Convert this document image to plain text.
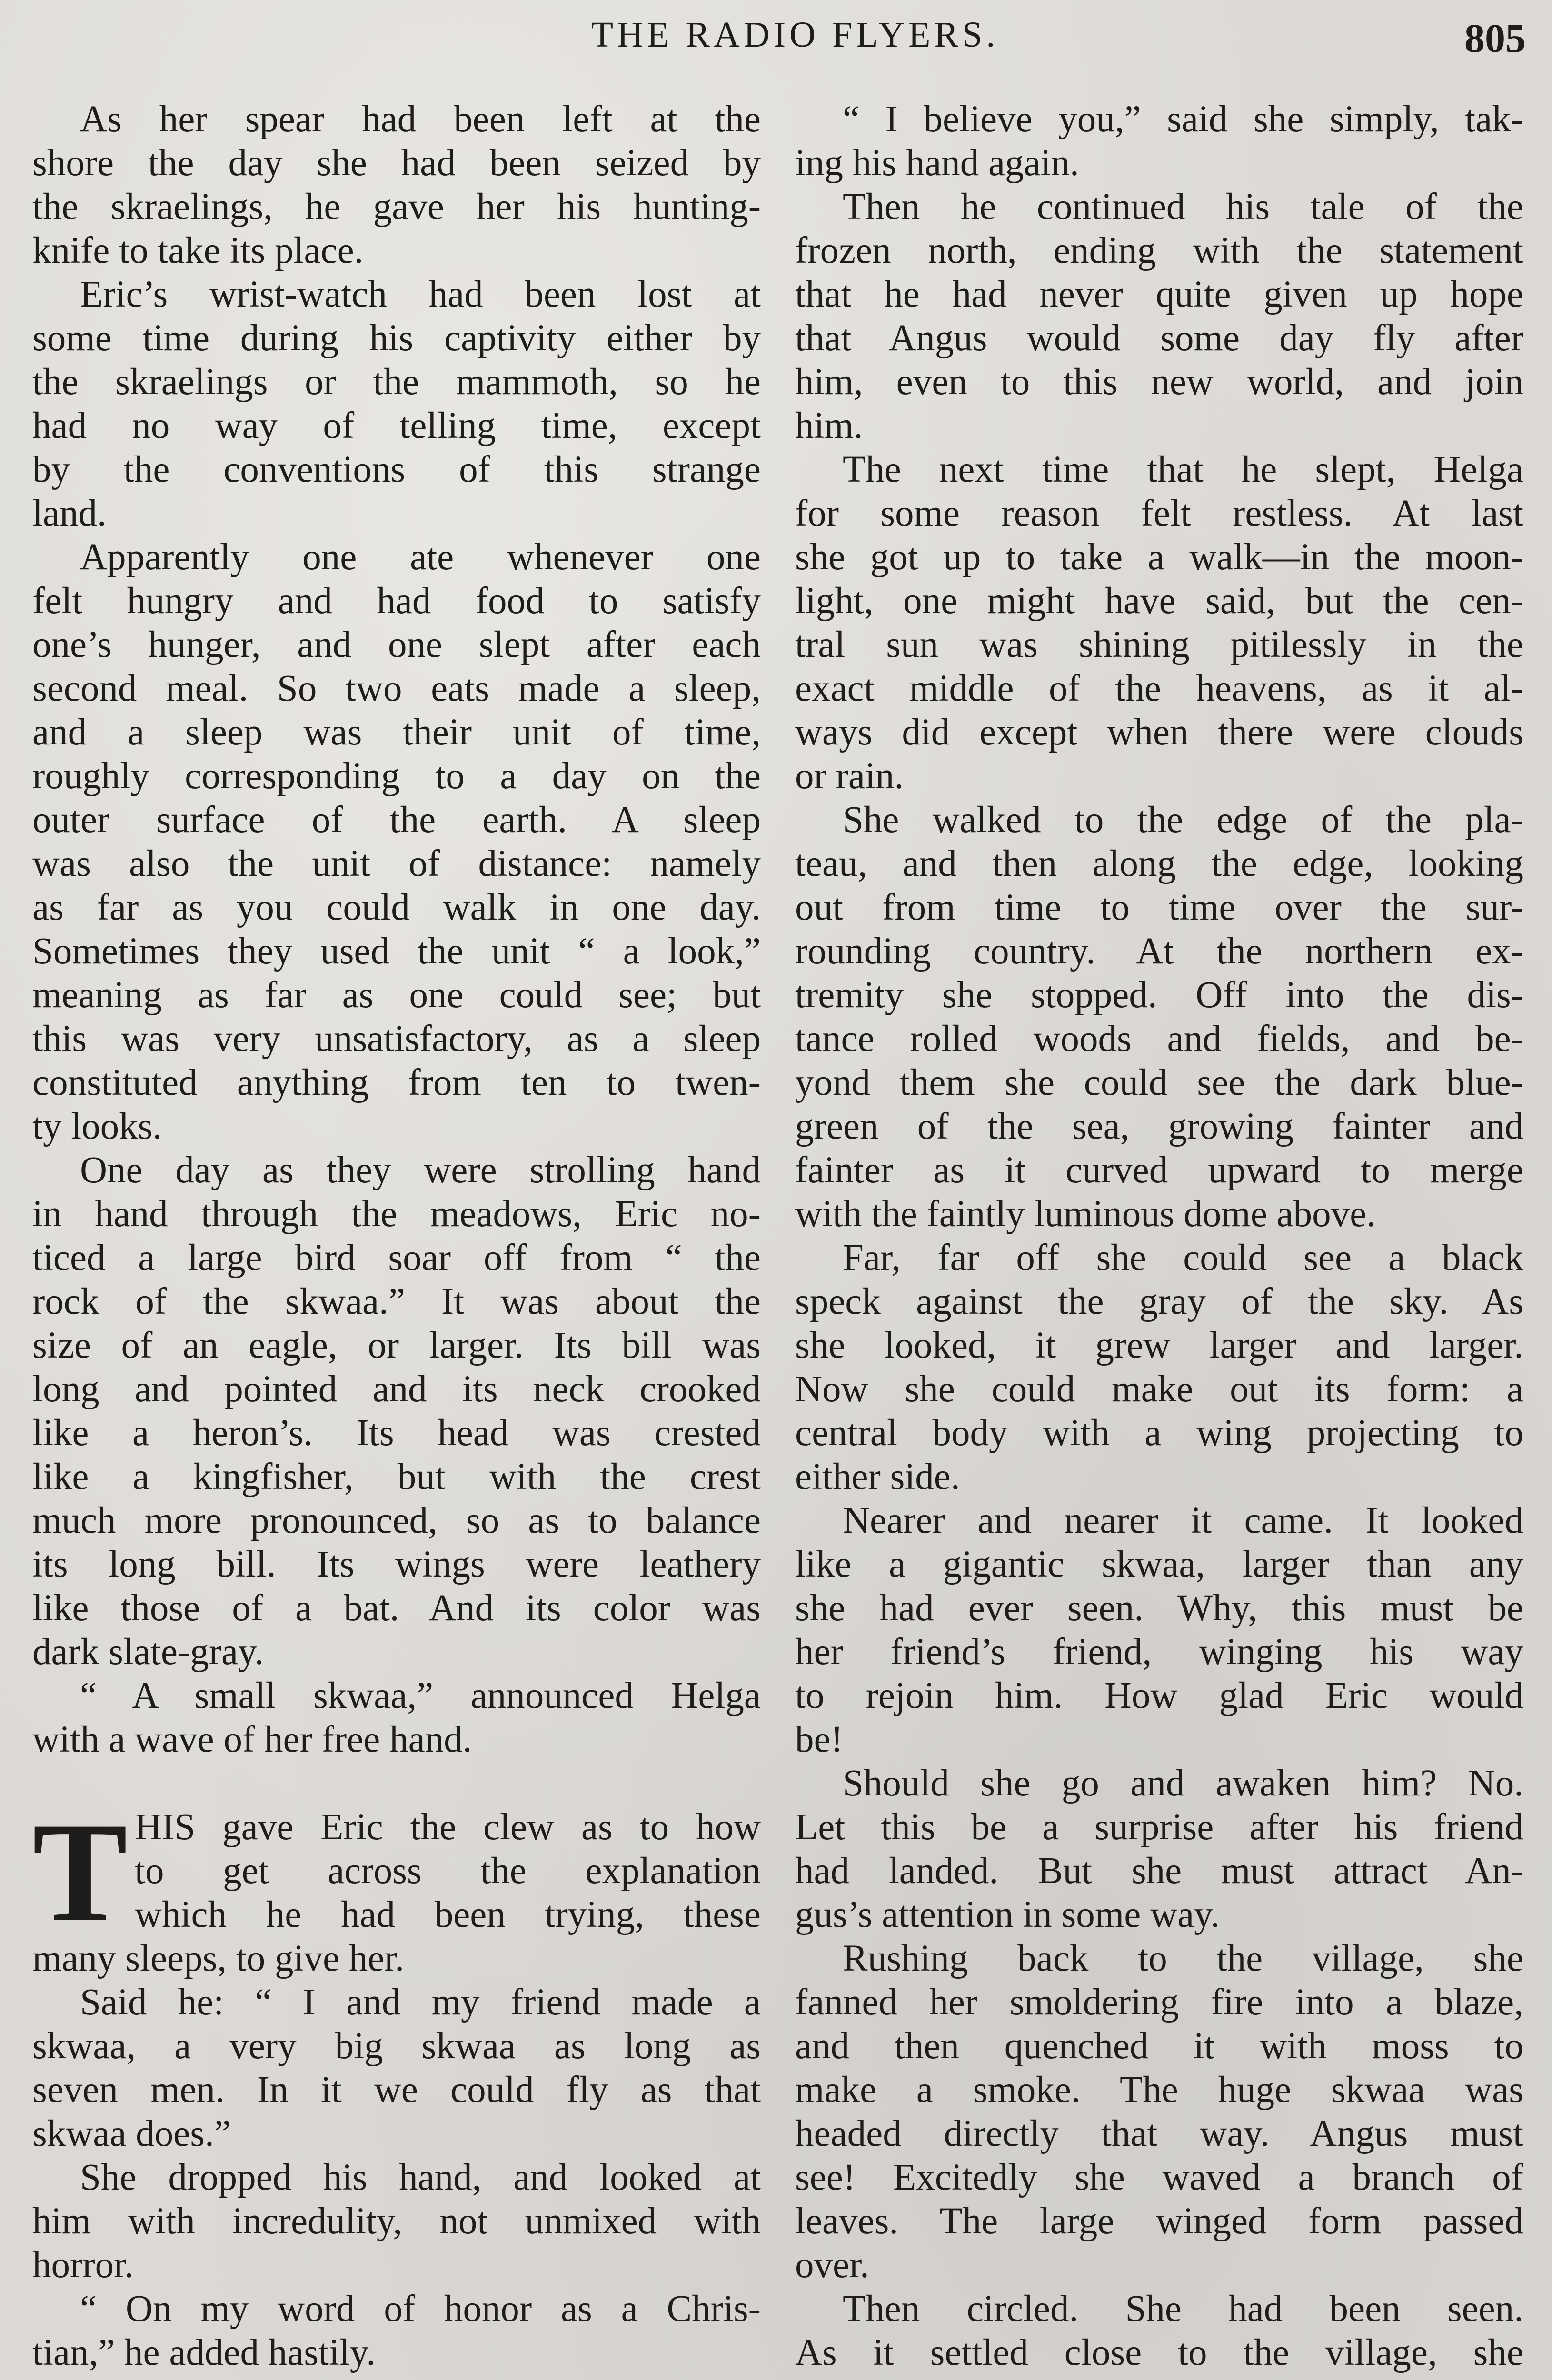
THE RADIO FLYERS.	805
As her spear had been left at the
shore the day she had been seized by
the skraelings, he gave her his hunting-
knife to take its place.
Eric’s wrist-watch had been lost at
some time during his captivity either by
the skraelings or the mammoth, so he
had no way of telling time, except
by the conventions of this strange
land.
Apparently one ate whenever one
felt hungry and had food to satisfy
one’s hunger, and one slept after each
second meal. So two eats made a sleep,
and a sleep was their unit of time,
roughly corresponding to a day on the
outer surface of the earth. A sleep
was also the unit of distance: namely
as far as you could walk in one day.
Sometimes they used the unit “ a look,”
meaning as far as one could see; but
this was very unsatisfactory, as a sleep
constituted anything from ten to twen-
ty looks.
One day as they were strolling hand
in hand through the meadows, Eric no-
ticed a large bird soar off from “ the
rock of the skwaa.” It was about the
size of an eagle, or larger. Its bill was
long and pointed and its neck crooked
like a heron’s. Its head was crested
like a kingfisher, but with the crest
much more pronounced, so as to balance
its long bill. Its wings were leathery
like those of a bat. And its color was
dark slate-gray.
“ A small skwaa,” announced Helga
with a wave of her free hand.
T HIS gave Eric the clew as to how
to get across the explanation
which he had been trying, these
many sleeps, to give her.
Said he: “ I and my friend made a
skwaa, a very big skwaa as long as
seven men. In it we could fly as that
skwaa does.”
She dropped his hand, and looked at
him with incredulity, not unmixed with
horror.
“ On my word of honor as a Chris-
tian,” he added hastily.
“ I believe you,” said she simply, tak-
ing his hand again.
Then he continued his tale of the
frozen north, ending with the statement
that he had never quite given up hope
that Angus would some day fly after
him, even to this new world, and join
him.
The next time that he slept, Helga
for some reason felt restless. At last
she got up to take a walk—in the moon-
light, one might have said, but the cen-
tral sun was shining pitilessly in the
exact middle of the heavens, as it al-
ways did except when there were clouds
or rain.
She walked to the edge of the pla-
teau, and then along the edge, looking
out from time to time over the sur-
rounding country. At the northern ex-
tremity she stopped. Off into the dis-
tance rolled woods and fields, and be-
yond them she could see the dark blue-
green of the sea, growing fainter and
fainter as it curved upward to merge
with the faintly luminous dome above.
Far, far off she could see a black
speck against the gray of the sky. As
she looked, it grew larger and larger.
Now she could make out its form: a
central body with a wing projecting to
either side.
Nearer and nearer it came. It looked
like a gigantic skwaa, larger than any
she had ever seen. Why, this must be
her friend’s friend, winging his way
to rejoin him. How glad Eric would
be!
Should she go and awaken him? No.
Let this be a surprise after his friend
had landed. But she must attract An-
gus’s attention in some way.
Rushing back to the village, she
fanned her smoldering fire into a blaze,
and then quenched it with moss to
make a smoke. The huge skwaa was
headed directly that way. Angus must
see! Excitedly she waved a branch of
leaves. The large winged form passed
over.
Then circled. She had been seen.
As it settled close to the village, she
